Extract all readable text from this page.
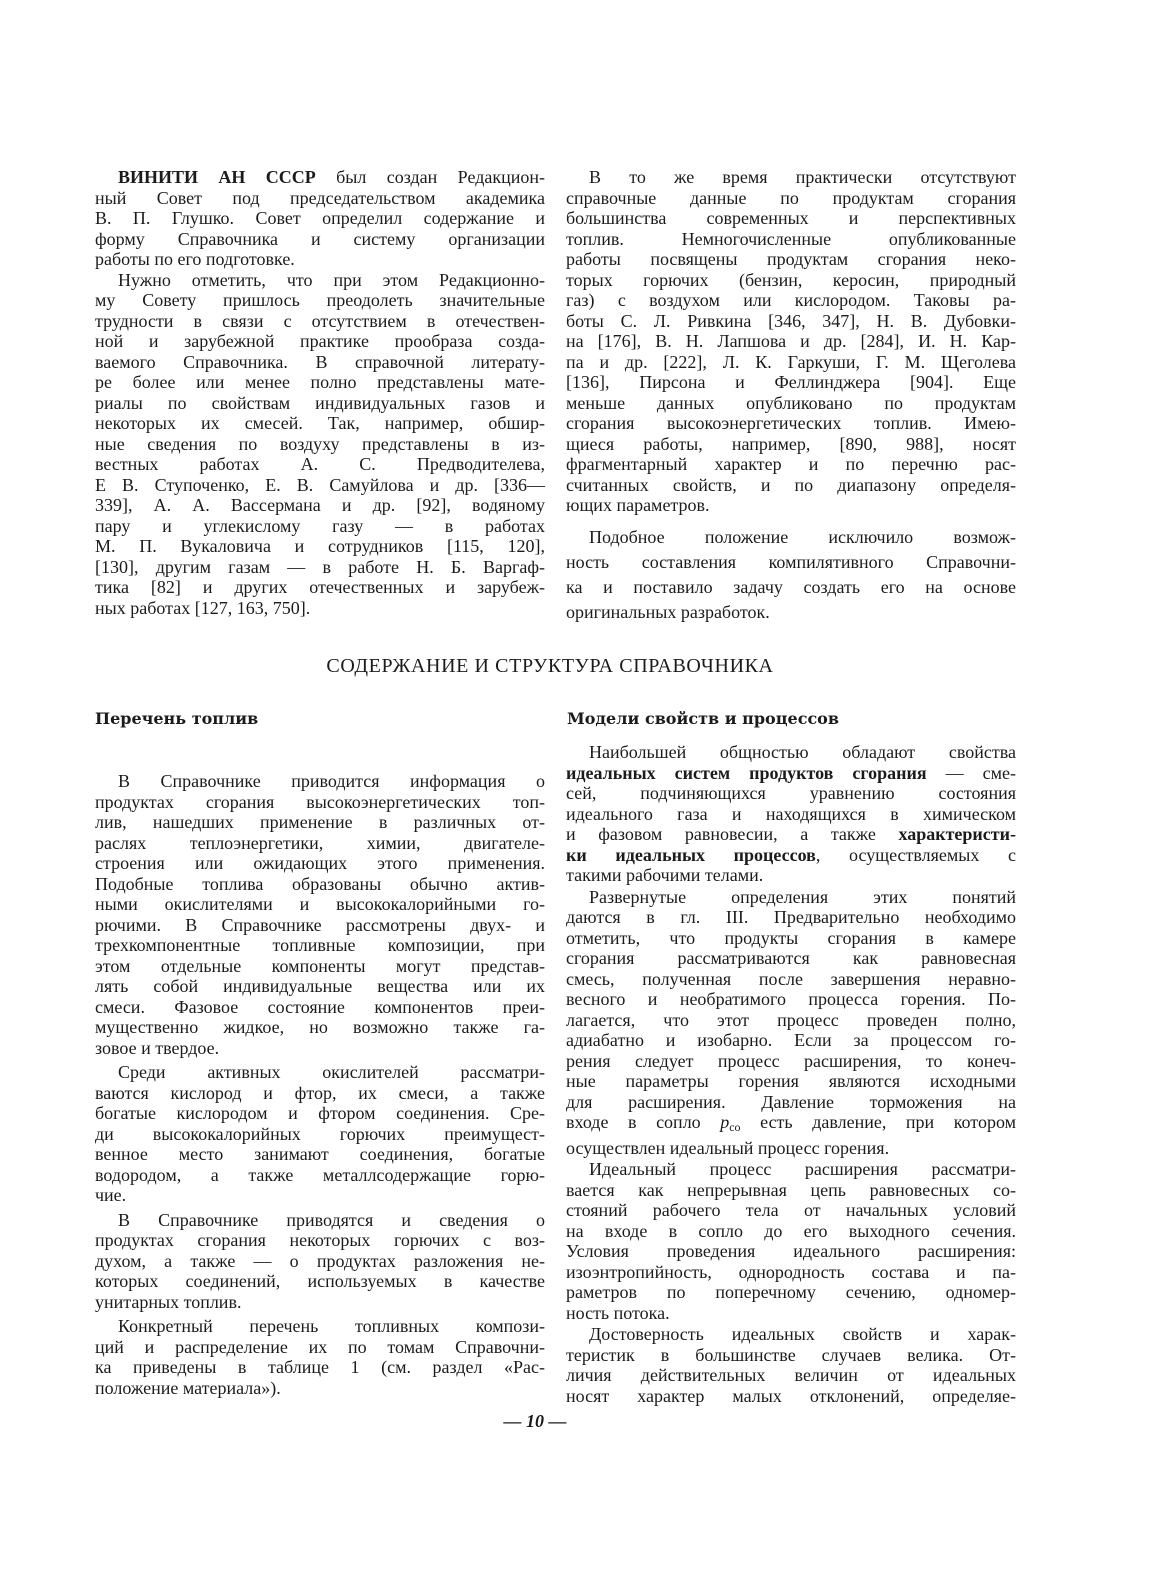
ВИНИТИ АН СССР был создан Редакцион-
ный Совет под председательством академика
В. П. Глушко. Совет определил содержание и
форму Справочника и систему организации
работы по его подготовке.
Нужно отметить, что при этом Редакционно-
му Совету пришлось преодолеть значительные
трудности в связи с отсутствием в отечествен-
ной и зарубежной практике прообраза созда-
ваемого Справочника. В справочной литерату-
ре более или менее полно представлены мате-
риалы по свойствам индивидуальных газов и
некоторых их смесей. Так, например, обшир-
ные сведения по воздуху представлены в из-
вестных работах А. С. Предводителева,
Е В. Ступоченко, Е. В. Самуйлова и др. [336—
339], А. А. Вассермана и др. [92], водяному
пару и углекислому газу — в работах
М. П. Вукаловича и сотрудников [115, 120],
[130], другим газам — в работе Н. Б. Варгаф-
тика [82] и других отечественных и зарубеж-
ных работах [127, 163, 750].
В то же время практически отсутствуют
справочные данные по продуктам сгорания
большинства современных и перспективных
топлив. Немногочисленные опубликованные
работы посвящены продуктам сгорания неко-
торых горючих (бензин, керосин, природный
газ) с воздухом или кислородом. Таковы ра-
боты С. Л. Ривкина [346, 347], Н. В. Дубовки-
на [176], В. Н. Лапшова и др. [284], И. Н. Кар-
па и др. [222], Л. К. Гаркуши, Г. М. Щеголева
[136], Пирсона и Феллинджера [904]. Еще
меньше данных опубликовано по продуктам
сгорания высокоэнергетических топлив. Имею-
щиеся работы, например, [890, 988], носят
фрагментарный характер и по перечню рас-
считанных свойств, и по диапазону определя-
ющих параметров.
Подобное положение исключило возмож-
ность составления компилятивного Справочни-
ка и поставило задачу создать его на основе
оригинальных разработок.
СОДЕРЖАНИЕ И СТРУКТУРА СПРАВОЧНИКА
Перечень топлив	Модели свойств и процессов
В Справочнике приводится информация о
продуктах сгорания высокоэнергетических топ-
лив, нашедших применение в различных от-
раслях теплоэнергетики, химии, двигателе-
строения или ожидающих этого применения.
Подобные топлива образованы обычно актив-
ными окислителями и высококалорийными го-
рючими. В Справочнике рассмотрены двух- и
трехкомпонентные топливные композиции, при
этом отдельные компоненты могут представ-
лять собой индивидуальные вещества или их
смеси. Фазовое состояние компонентов преи-
мущественно жидкое, но возможно также га-
зовое и твердое.
Среди активных окислителей рассматри-
ваются кислород и фтор, их смеси, а также
богатые кислородом и фтором соединения. Сре-
ди высококалорийных горючих преимущест-
венное место занимают соединения, богатые
водородом, а также металлсодержащие горю-
чие.
В Справочнике приводятся и сведения о
продуктах сгорания некоторых горючих с воз-
духом, а также — о продуктах разложения не-
которых соединений, используемых в качестве
унитарных топлив.
Конкретный перечень топливных компози-
ций и распределение их по томам Справочни-
ка приведены в таблице 1 (см. раздел «Рас-
положение материала»).
Наибольшей общностью обладают свойства
идеальных систем продуктов сгорания — сме-
сей, подчиняющихся уравнению состояния
идеального газа и находящихся в химическом
и фазовом равновесии, а также характеристи-
ки идеальных процессов, осуществляемых с
такими рабочими телами.
Развернутые определения этих понятий
даются в гл. III. Предварительно необходимо
отметить, что продукты сгорания в камере
сгорания рассматриваются как равновесная
смесь, полученная после завершения неравно-
весного и необратимого процесса горения. По-
лагается, что этот процесс проведен полно,
адиабатно и изобарно. Если за процессом го-
рения следует процесс расширения, то конеч-
ные параметры горения являются исходными
для расширения. Давление торможения на
входе в сопло $p_{co}$ есть давление, при котором
осуществлен идеальный процесс горения.
Идеальный процесс расширения рассматри-
вается как непрерывная цепь равновесных со-
стояний рабочего тела от начальных условий
на входе в сопло до его выходного сечения.
Условия проведения идеального расширения:
изоэнтропийность, однородность состава и па-
раметров по поперечному сечению, одномер-
ность потока.
Достоверность идеальных свойств и харак-
теристик в большинстве случаев велика. От-
личия действительных величин от идеальных
носят характер малых отклонений, определяе-
— 10 —
